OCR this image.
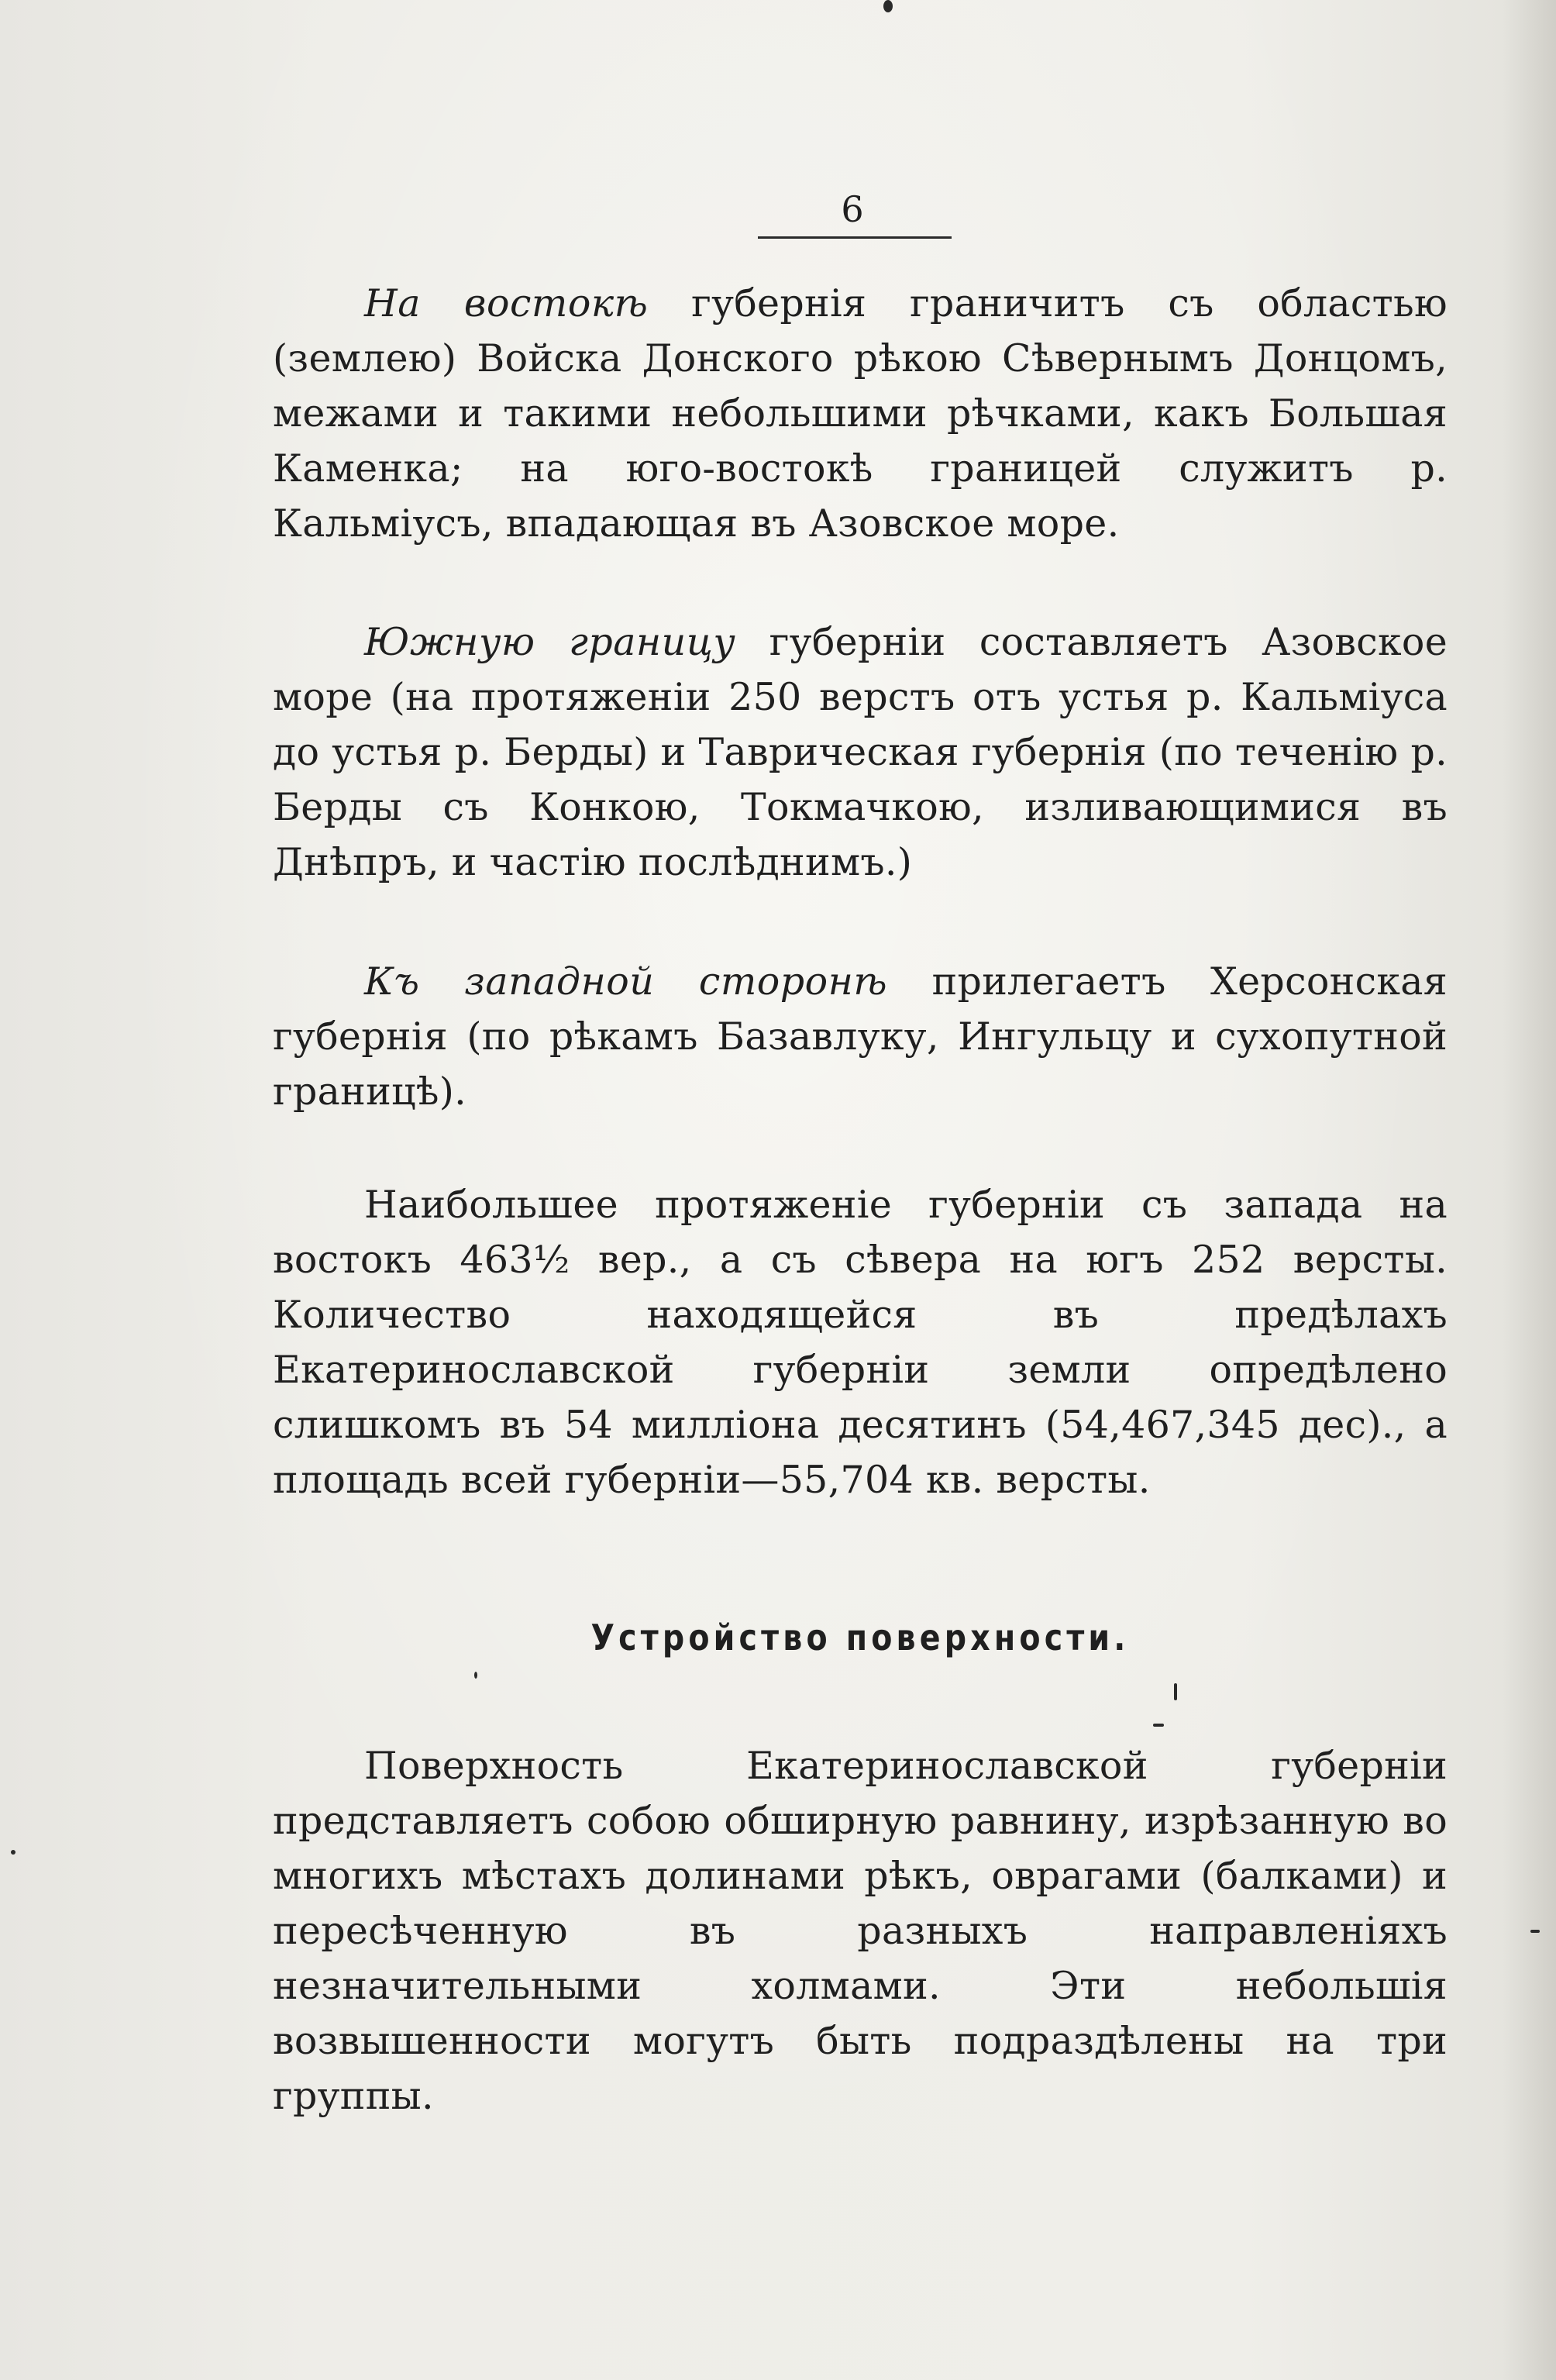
6

На востокѣ губернія граничитъ съ областью (землею) Войска Донского рѣкою Сѣвернымъ Донцомъ, межами и такими небольшими рѣчками, какъ Большая Каменка; на юго-востокѣ границей служитъ р. Кальміусъ, впадающая въ Азовское море.

Южную границу губерніи составляетъ Азовское море (на протяженіи 250 верстъ отъ устья р. Кальміуса до устья р. Берды) и Таврическая губернія (по теченію р. Берды съ Конкою, Токмачкою, изливающимися въ Днѣпръ, и частію послѣднимъ.)

Къ западной сторонѣ прилегаетъ Херсонская губернія (по рѣкамъ Базавлуку, Ингульцу и сухопутной границѣ).

Наибольшее протяженіе губерніи съ запада на востокъ 463½ вер., а съ сѣвера на югъ 252 версты. Количество находящейся въ предѣлахъ Екатеринославской губерніи земли опредѣлено слишкомъ въ 54 милліона десятинъ (54,467,345 дес)., а площадь всей губерніи—55,704 кв. версты.

Устройство поверхности.

Поверхность Екатеринославской губерніи представляетъ собою обширную равнину, изрѣзанную во многихъ мѣстахъ долинами рѣкъ, оврагами (балками) и пересѣченную въ разныхъ направленіяхъ незначительными холмами. Эти небольшія возвышенности могутъ быть подраздѣлены на три группы.
